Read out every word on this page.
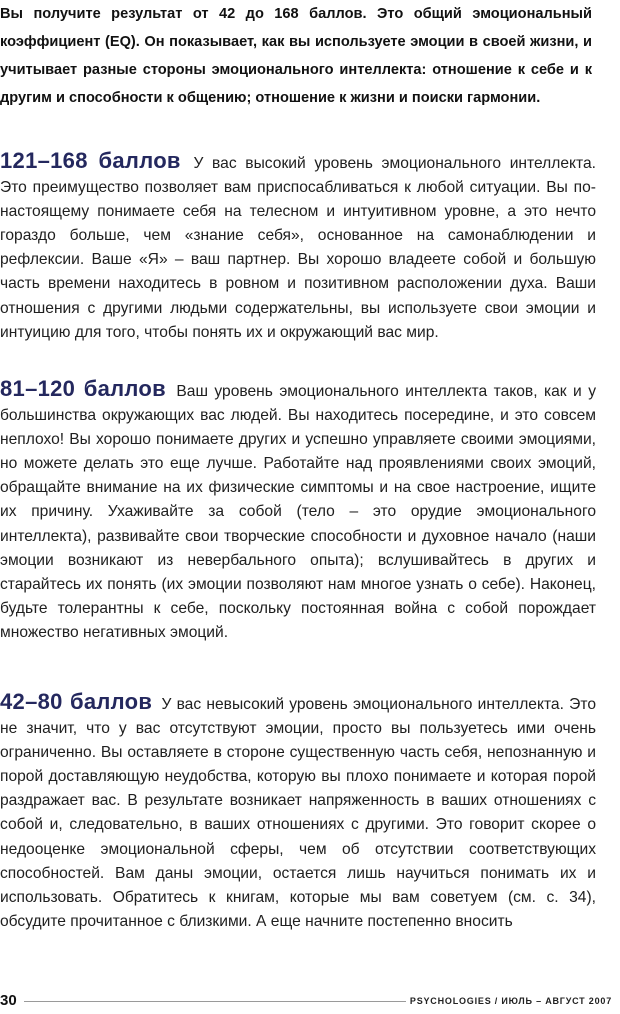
Вы получите результат от 42 до 168 баллов. Это общий эмоциональный коэффициент (EQ). Он показывает, как вы используете эмоции в своей жизни, и учитывает разные стороны эмоционального интеллекта: отношение к себе и к другим и способности к общению; отношение к жизни и поиски гармонии.

121–168 баллов У вас высокий уровень эмоционального интеллекта. Это преимущество позволяет вам приспосабливаться к любой ситуации. Вы по-настоящему понимаете себя на телесном и интуитивном уровне, а это нечто гораздо больше, чем «знание себя», основанное на самонаблюдении и рефлексии. Ваше «Я» – ваш партнер. Вы хорошо владеете собой и большую часть времени находитесь в ровном и позитивном расположении духа. Ваши отношения с другими людьми содержательны, вы используете свои эмоции и интуицию для того, чтобы понять их и окружающий вас мир.

81–120 баллов Ваш уровень эмоционального интеллекта таков, как и у большинства окружающих вас людей. Вы находитесь посередине, и это совсем неплохо! Вы хорошо понимаете других и успешно управляете своими эмоциями, но можете делать это еще лучше. Работайте над проявлениями своих эмоций, обращайте внимание на их физические симптомы и на свое настроение, ищите их причину. Ухаживайте за собой (тело – это орудие эмоционального интеллекта), развивайте свои творческие способности и духовное начало (наши эмоции возникают из невербального опыта); вслушивайтесь в других и старайтесь их понять (их эмоции позволяют нам многое узнать о себе). Наконец, будьте толерантны к себе, поскольку постоянная война с собой порождает множество негативных эмоций.

42–80 баллов У вас невысокий уровень эмоционального интеллекта. Это не значит, что у вас отсутствуют эмоции, просто вы пользуетесь ими очень ограниченно. Вы оставляете в стороне существенную часть себя, непознанную и порой доставляющую неудобства, которую вы плохо понимаете и которая порой раздражает вас. В результате возникает напряженность в ваших отношениях с собой и, следовательно, в ваших отношениях с другими. Это говорит скорее о недооценке эмоциональной сферы, чем об отсутствии соответствующих способностей. Вам даны эмоции, остается лишь научиться понимать их и использовать. Обратитесь к книгам, которые мы вам советуем (см. с. 34), обсудите прочитанное с близкими. А еще начните постепенно вносить

30	PSYCHOLOGIES / ИЮЛЬ – АВГУСТ 2007
